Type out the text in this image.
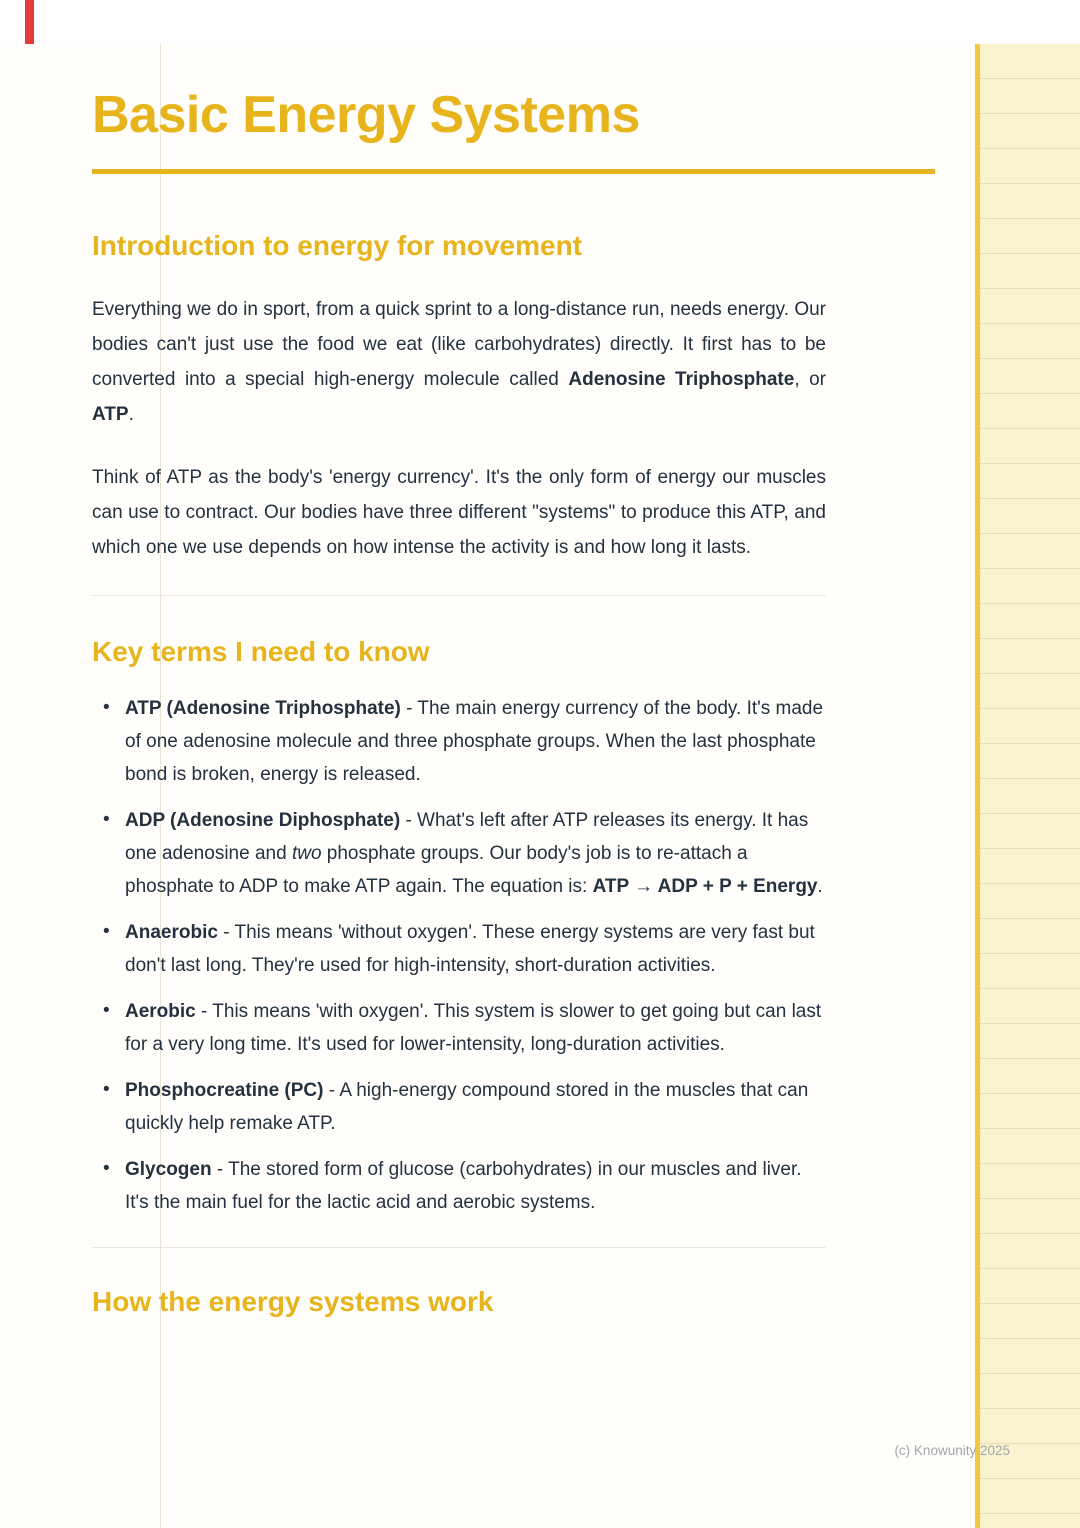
Basic Energy Systems
Introduction to energy for movement

Everything we do in sport, from a quick sprint to a long-distance run, needs energy. Our bodies can't just use the food we eat (like carbohydrates) directly. It first has to be converted into a special high-energy molecule called Adenosine Triphosphate, or ATP.

Think of ATP as the body's 'energy currency'. It's the only form of energy our muscles can use to contract. Our bodies have three different "systems" to produce this ATP, and which one we use depends on how intense the activity is and how long it lasts.

Key terms I need to know
• ATP (Adenosine Triphosphate) - The main energy currency of the body. It's made of one adenosine molecule and three phosphate groups. When the last phosphate bond is broken, energy is released.
• ADP (Adenosine Diphosphate) - What's left after ATP releases its energy. It has one adenosine and two phosphate groups. Our body's job is to re-attach a phosphate to ADP to make ATP again. The equation is: ATP → ADP + P + Energy.
• Anaerobic - This means 'without oxygen'. These energy systems are very fast but don't last long. They're used for high-intensity, short-duration activities.
• Aerobic - This means 'with oxygen'. This system is slower to get going but can last for a very long time. It's used for lower-intensity, long-duration activities.
• Phosphocreatine (PC) - A high-energy compound stored in the muscles that can quickly help remake ATP.
• Glycogen - The stored form of glucose (carbohydrates) in our muscles and liver. It's the main fuel for the lactic acid and aerobic systems.
How the energy systems work
(c) Knowunity 2025
